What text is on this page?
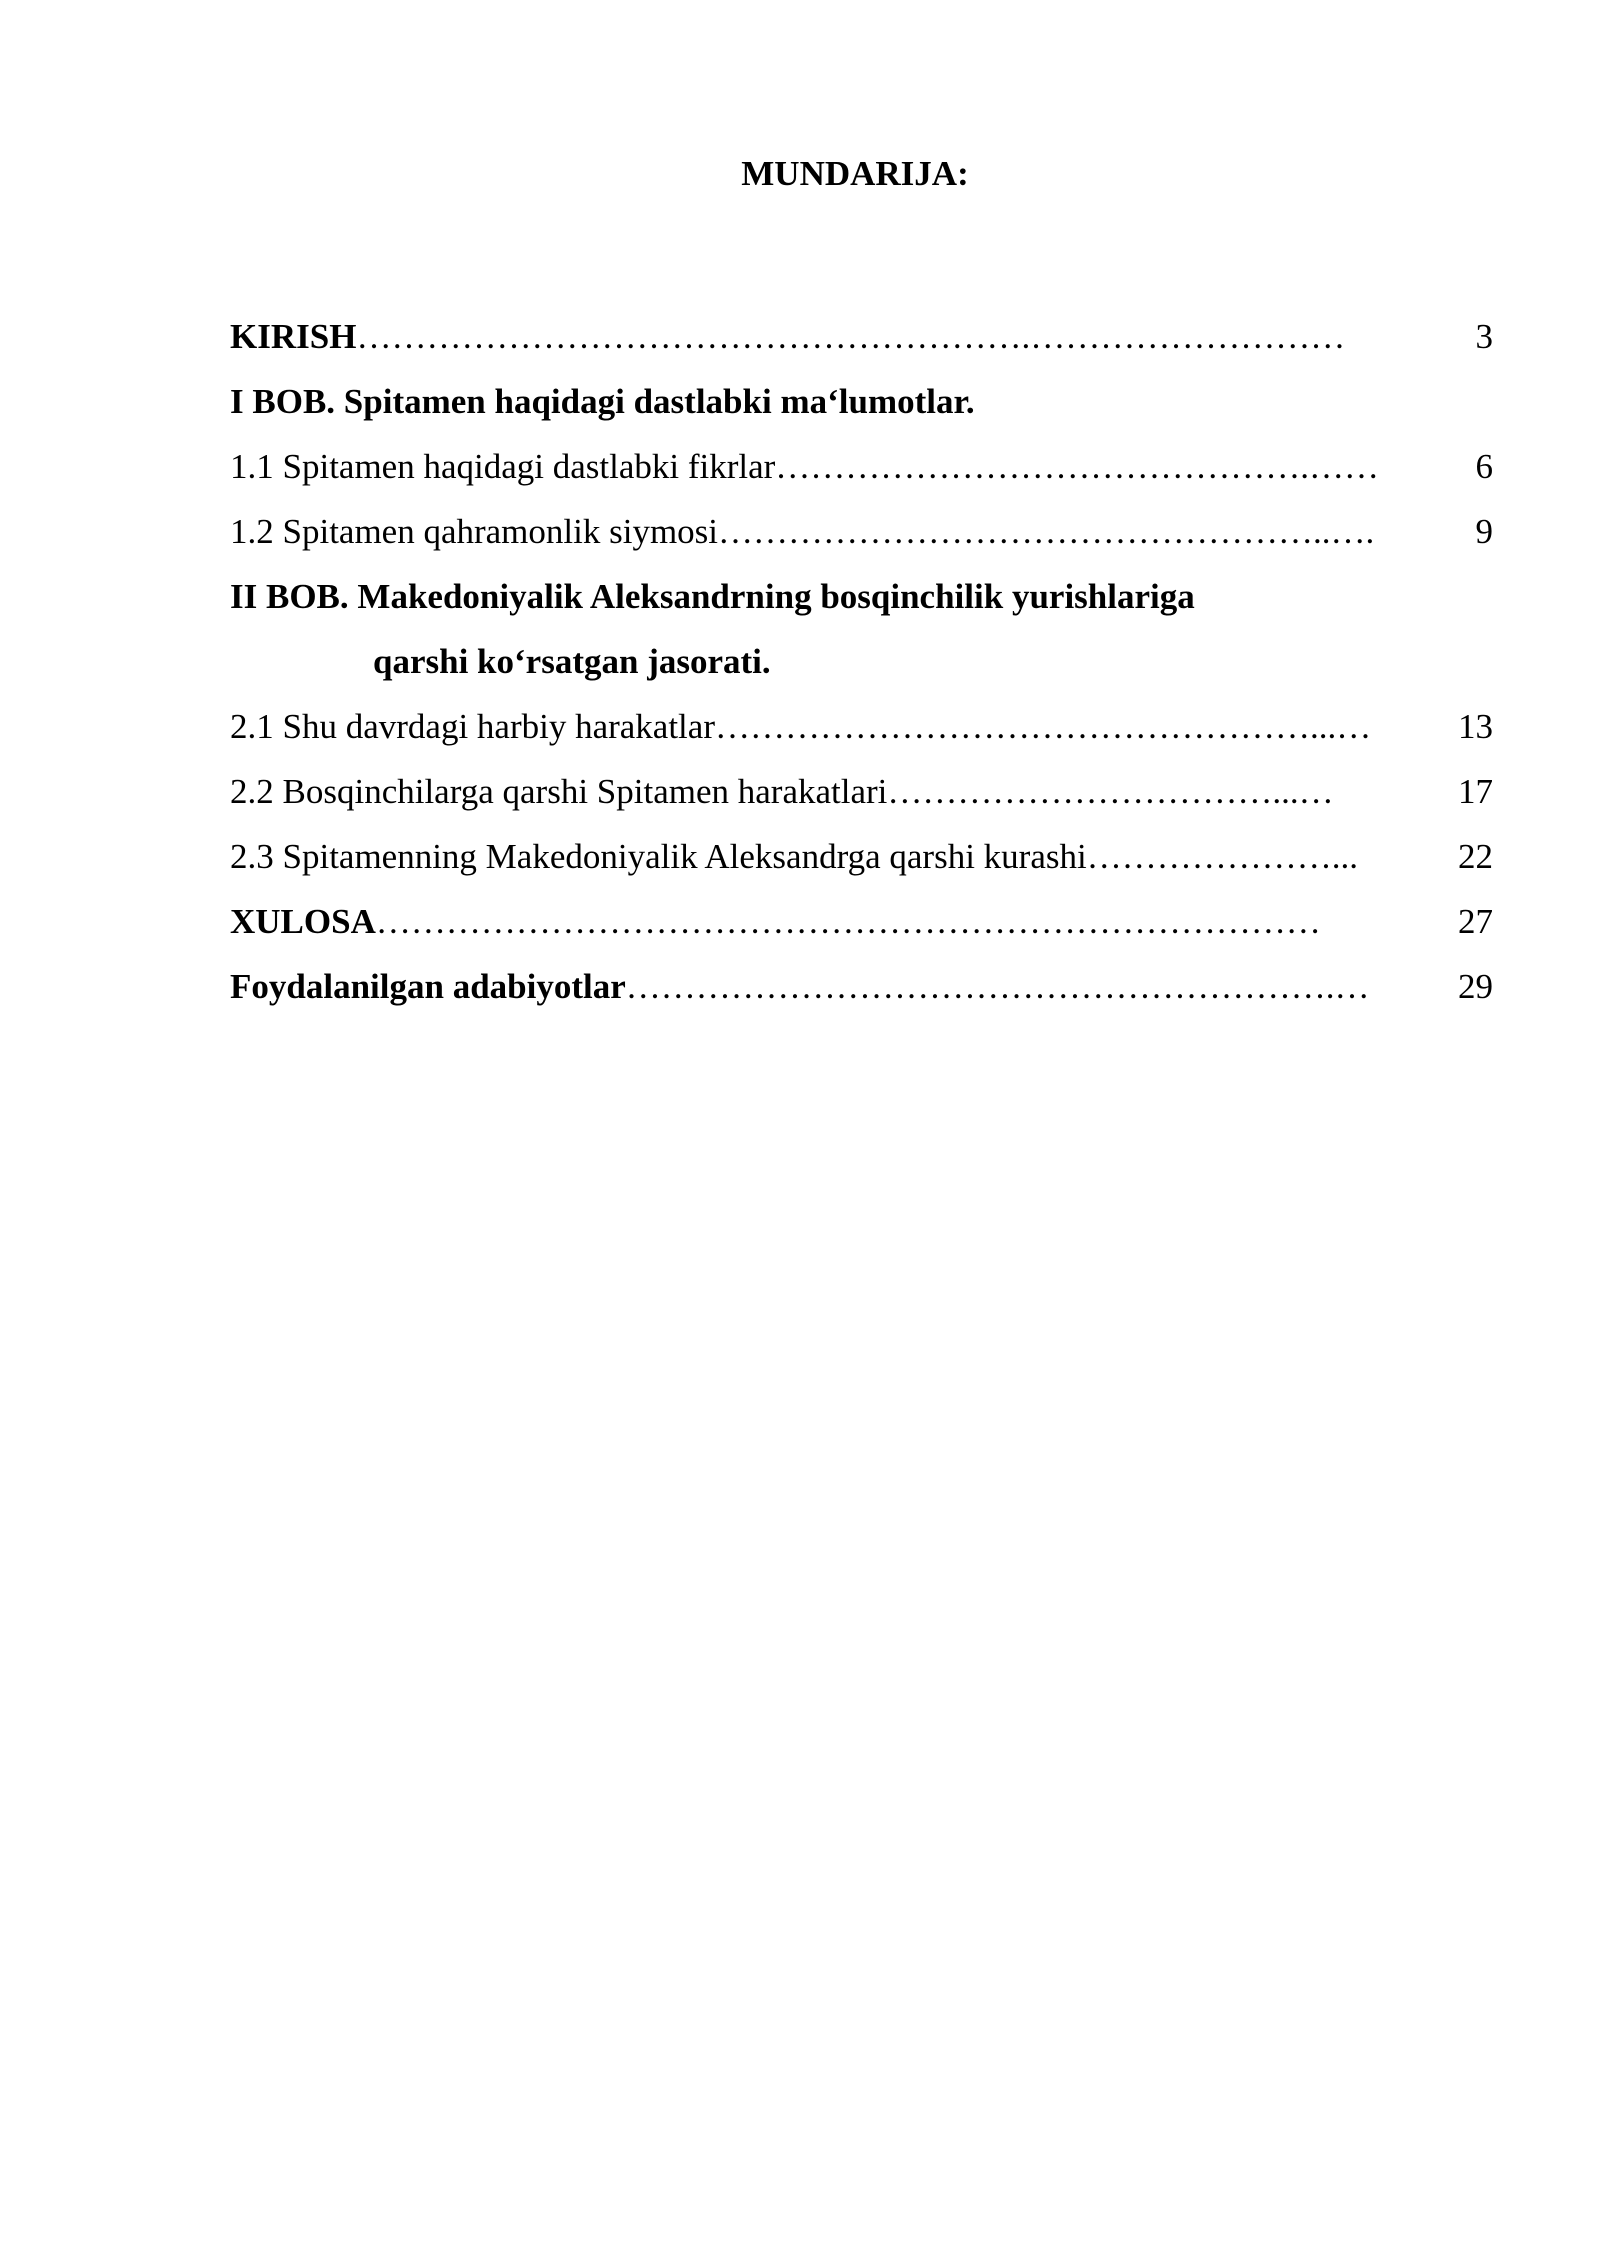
MUNDARIJA:
KIRISH ………………………………………………….………………………	3
I BOB. Spitamen haqidagi dastlabki ma‘lumotlar.
1.1 Spitamen haqidagi dastlabki fikrlar ……………………………………….……	6
1.2 Spitamen qahramonlik siymosi ……………………………………………..….	9
II BOB. Makedoniyalik Aleksandrning bosqinchilik yurishlariga
qarshi ko‘rsatgan jasorati.
2.1 Shu davrdagi harbiy harakatlar ……………………………………………...…	13
2.2 Bosqinchilarga qarshi Spitamen harakatlari ……………………………...…	17
2.3 Spitamenning Makedoniyalik Aleksandrga qarshi kurashi …………………...	22
XULOSA ………………………………………………………………………	27
Foydalanilgan adabiyotlar …………………………………………………….…	29
